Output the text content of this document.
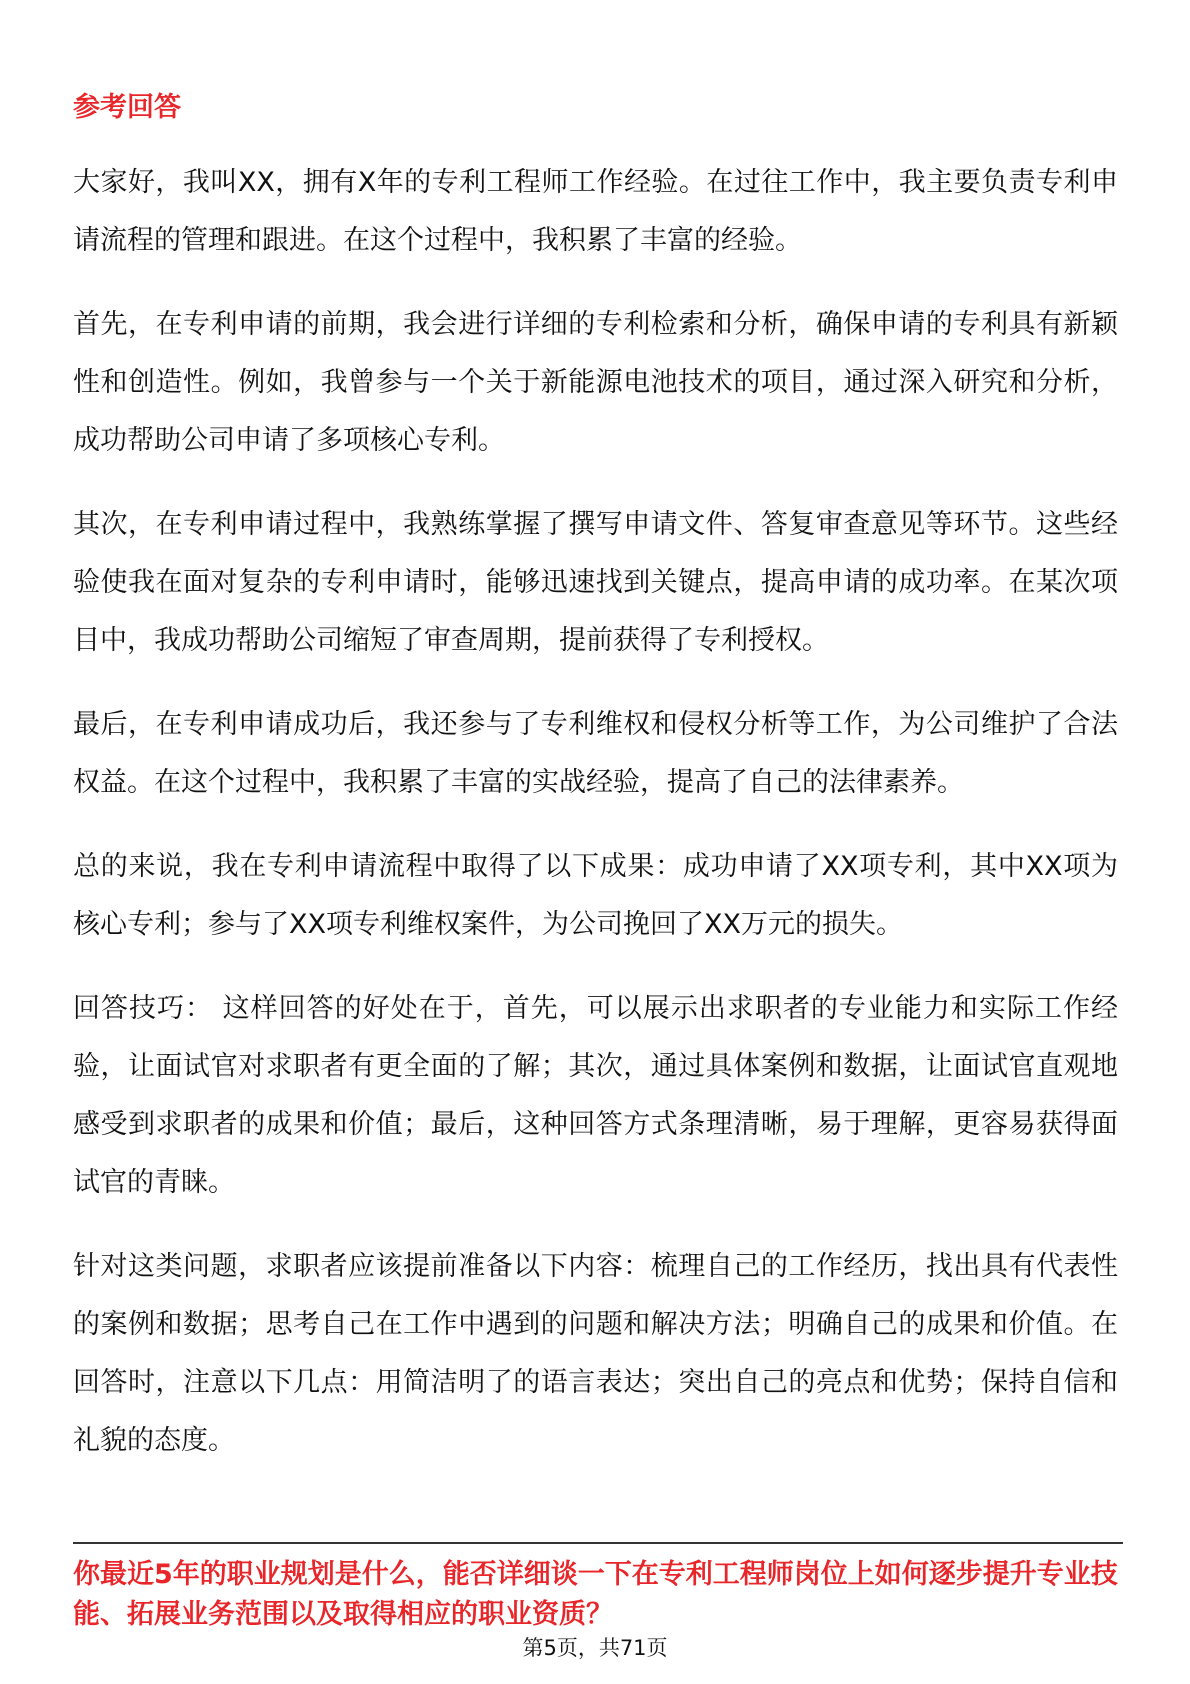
参考回答

大家好，我叫XX，拥有X年的专利工程师工作经验。在过往工作中，我主要负责专利申请流程的管理和跟进。在这个过程中，我积累了丰富的经验。

首先，在专利申请的前期，我会进行详细的专利检索和分析，确保申请的专利具有新颖性和创造性。例如，我曾参与一个关于新能源电池技术的项目，通过深入研究和分析，成功帮助公司申请了多项核心专利。

其次，在专利申请过程中，我熟练掌握了撰写申请文件、答复审查意见等环节。这些经验使我在面对复杂的专利申请时，能够迅速找到关键点，提高申请的成功率。在某次项目中，我成功帮助公司缩短了审查周期，提前获得了专利授权。

最后，在专利申请成功后，我还参与了专利维权和侵权分析等工作，为公司维护了合法权益。在这个过程中，我积累了丰富的实战经验，提高了自己的法律素养。

总的来说，我在专利申请流程中取得了以下成果：成功申请了XX项专利，其中XX项为核心专利；参与了XX项专利维权案件，为公司挽回了XX万元的损失。

回答技巧： 这样回答的好处在于，首先，可以展示出求职者的专业能力和实际工作经验，让面试官对求职者有更全面的了解；其次，通过具体案例和数据，让面试官直观地感受到求职者的成果和价值；最后，这种回答方式条理清晰，易于理解，更容易获得面试官的青睐。

针对这类问题，求职者应该提前准备以下内容：梳理自己的工作经历，找出具有代表性的案例和数据；思考自己在工作中遇到的问题和解决方法；明确自己的成果和价值。在回答时，注意以下几点：用简洁明了的语言表达；突出自己的亮点和优势；保持自信和礼貌的态度。

你最近5年的职业规划是什么，能否详细谈一下在专利工程师岗位上如何逐步提升专业技能、拓展业务范围以及取得相应的职业资质？
第5页，共71页
